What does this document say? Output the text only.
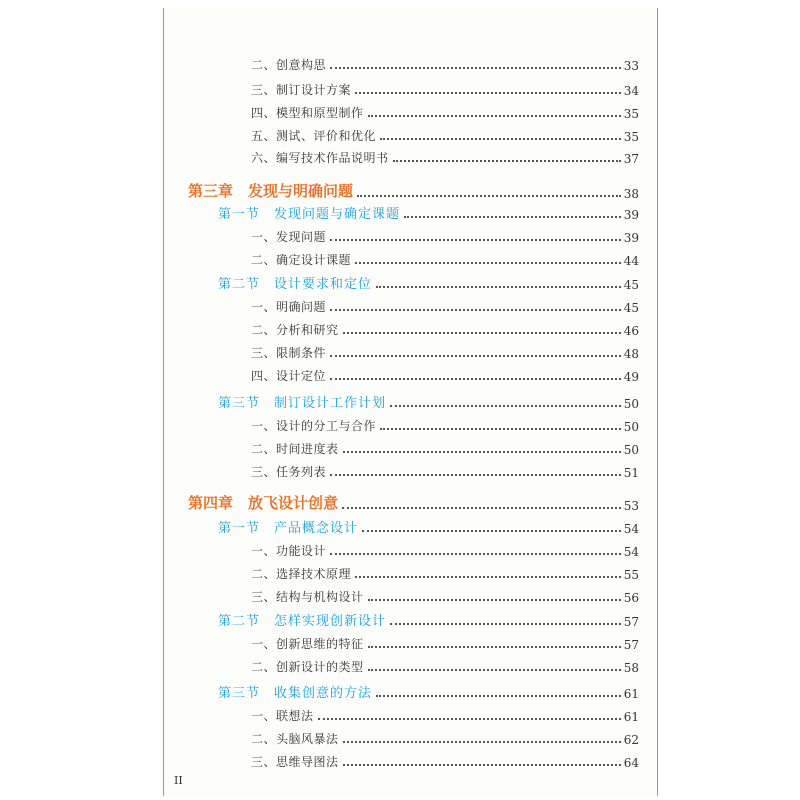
二、创意构思	33
三、制订设计方案	34
四、模型和原型制作	35
五、测试、评价和优化	35
六、编写技术作品说明书	37
第三章　发现与明确问题	38
第一节　发现问题与确定课题	39
一、发现问题	39
二、确定设计课题	44
第二节　设计要求和定位	45
一、明确问题	45
二、分析和研究	46
三、限制条件	48
四、设计定位	49
第三节　制订设计工作计划	50
一、设计的分工与合作	50
二、时间进度表	50
三、任务列表	51
第四章　放飞设计创意	53
第一节　产品概念设计	54
一、功能设计	54
二、选择技术原理	55
三、结构与机构设计	56
第二节　怎样实现创新设计	57
一、创新思维的特征	57
二、创新设计的类型	58
第三节　收集创意的方法	61
一、联想法	61
二、头脑风暴法	62
三、思维导图法	64
II
